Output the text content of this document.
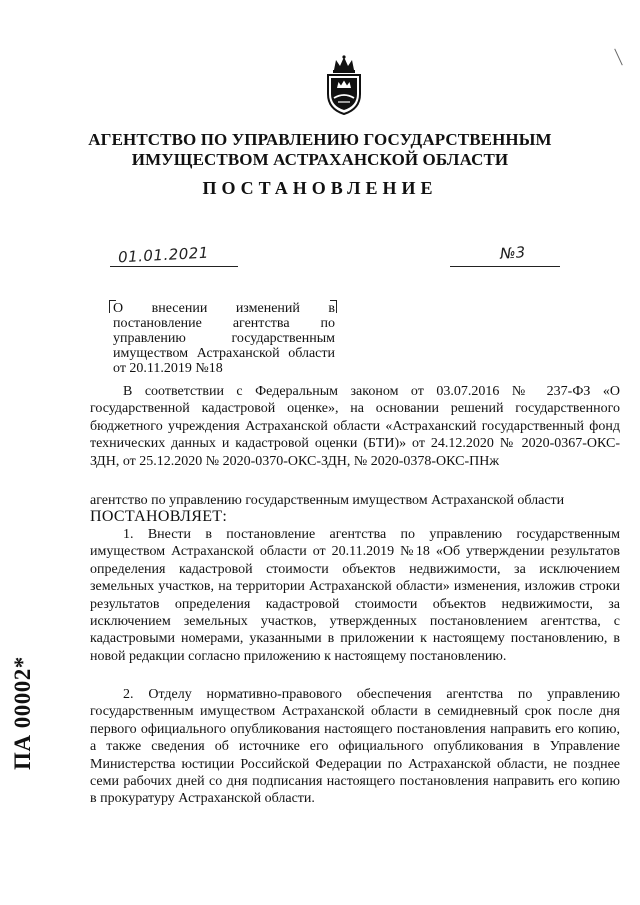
АГЕНТСТВО ПО УПРАВЛЕНИЮ ГОСУДАРСТВЕННЫМ
ИМУЩЕСТВОМ АСТРАХАНСКОЙ ОБЛАСТИ
ПОСТАНОВЛЕНИЕ
01.01.2021	№3
О внесении изменений в постановление агентства по управлению государственным имуществом Астраханской области от 20.11.2019 №18
В соответствии с Федеральным законом от 03.07.2016 № 237-ФЗ «О государственной кадастровой оценке», на основании решений государственного бюджетного учреждения Астраханской области «Астраханский государственный фонд технических данных и кадастровой оценки (БТИ)» от 24.12.2020 № 2020-0367-ОКС-ЗДН, от 25.12.2020 № 2020-0370-ОКС-ЗДН, № 2020-0378-ОКС-ПНж
агентство по управлению государственным имуществом Астраханской области
ПОСТАНОВЛЯЕТ:
1. Внести в постановление агентства по управлению государственным имуществом Астраханской области от 20.11.2019 №18 «Об утверждении результатов определения кадастровой стоимости объектов недвижимости, за исключением земельных участков, на территории Астраханской области» изменения, изложив строки результатов определения кадастровой стоимости объектов недвижимости, за исключением земельных участков, утвержденных постановлением агентства, с кадастровыми номерами, указанными в приложении к настоящему постановлению, в новой редакции согласно приложению к настоящему постановлению.
2. Отделу нормативно-правового обеспечения агентства по управлению государственным имуществом Астраханской области в семидневный срок после дня первого официального опубликования настоящего постановления направить его копию, а также сведения об источнике его официального опубликования в Управление Министерства юстиции Российской Федерации по Астраханской области, не позднее семи рабочих дней со дня подписания настоящего постановления направить его копию в прокуратуру Астраханской области.
ПА 00002*
